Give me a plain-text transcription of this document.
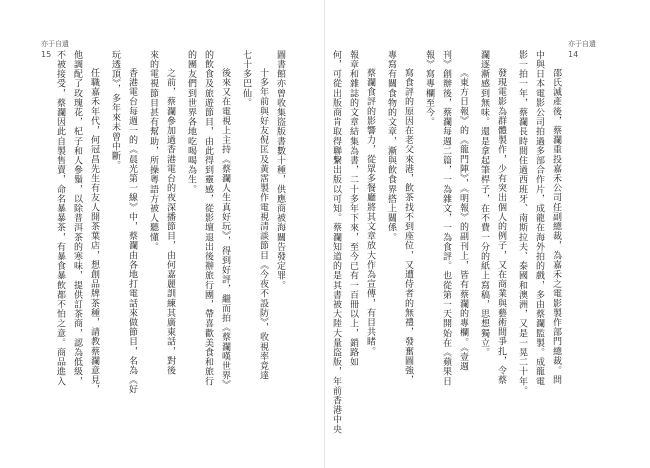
亦于自遺
15	圖書館亦曾收集盜版書數十種，供應商被海關告發定罪。
十多年前與好友倪匡及黃霑製作電視清談節目《今夜不設防》，收視率竟達
七十多巴仙。
後來又在電視上主持《蔡瀾人生真好玩》，得到好評，繼而拍《蔡瀾嘆世界》
的飲食及旅遊節目，由此得到靈感，從影壇退出後辦旅行團，帶喜歡美食和旅行
的團友們到世界各地吃喝喝為生。
之前，蔡瀾參加過香港電台的夜深播節目，由何嘉麗訓練其廣東話，對後
來的電視節目甚有幫助，所操粵語方被人聽懂。
香港電台每週一的《晨光第一線》中，蔡瀾由各地打電話來做節目，名為《好
玩透頂》，多年來未曾中斷。
任職嘉禾年代，何冠昌先生有友人開茶葉店，想創品牌茶種，請教蔡瀾意見，
他調配了玫瑰花，杞子和人參鬚，以除普洱茶的寒味，提供訂茶商，認為低級，
不被接受，蔡瀾因此自製售賣，命名暴暴茶，有暴食暴飲都不怕之意。商品進入
亦于自遺
14
邵氏滅產後，蔡瀾重投嘉禾公司任副總裁，為嘉禾之電影製作部門總裁。問
中與日本電影公司拍過多部合作片，成龍在海外拍的戲，多由蔡瀾監製。成龍電
影一拍一年，蔡瀾長時間住過西班牙、南斯拉夫、泰國和澳洲，又是一晃二十年。
發現電影為群體製作，少有突出個人的例子，又在商業與藝術間爭扎，令蔡
瀾逐漸感到無味。還是拿起筆桿子，在不費一分的紙上寫稿，思想獨立。
《東方日報》的《龍門陣》，《明報》的副刊上，皆有蔡瀾的專欄。《壹週
刊》創辦後，蔡瀾每週二篇，一為雜文，一為食評。也從第一天開始在《蘋果日
報》寫專欄至今。
寫食評的原因在老父來港，飲茶找不到座位，又遭侍者的無禮，發奮圖強，
專寫有關食物的文章，漸與飲食界搭上關係。
蔡瀾食評的影響力，從眾多餐廳將其文章放大作為宣傳，有目共睹。
報章和雜誌的文章結集為書，二十多年下來，至今已有一百冊以上，銷路如
何，可從出版商肯取得聯繫出版以可知。蔡瀾知道的是其書被大陸大量盜版，年前香港中央
